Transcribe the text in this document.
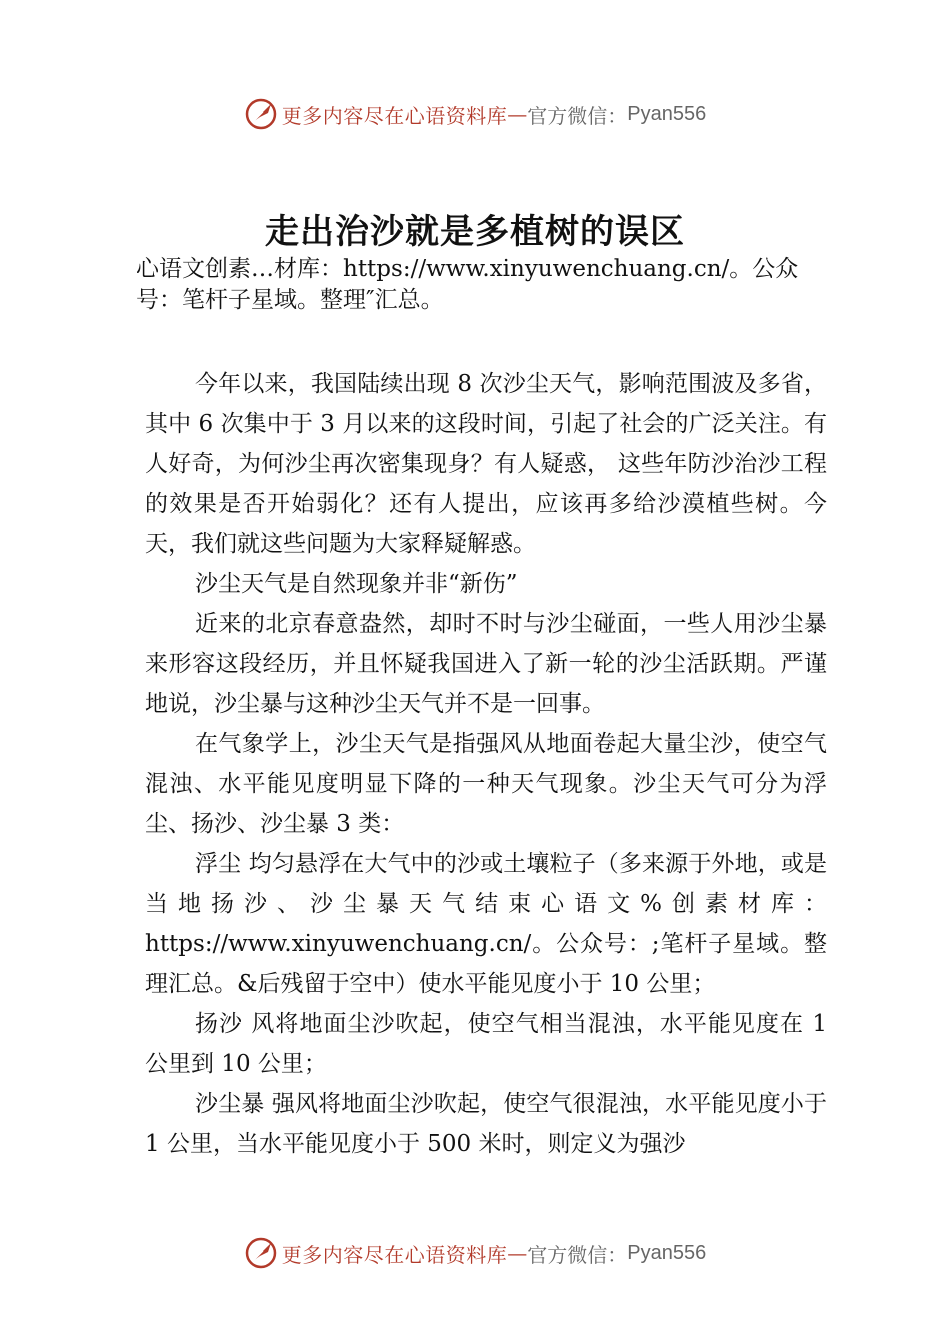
更多内容尽在心语资料库 — 官方微信： Pyan556
走出治沙就是多植树的误区
心语文创素…材库：https://www.xinyuwenchuang.cn/。公众号：笔杆子星域。整理″汇总。

今年以来，我国陆续出现 8 次沙尘天气，影响范围波及多省，其中 6 次集中于 3 月以来的这段时间，引起了社会的广泛关注。有人好奇，为何沙尘再次密集现身？有人疑惑， 这些年防沙治沙工程的效果是否开始弱化？还有人提出，应该再多给沙漠植些树。今天，我们就这些问题为大家释疑解惑。

沙尘天气是自然现象并非“新伤”

近来的北京春意盎然，却时不时与沙尘碰面，一些人用沙尘暴来形容这段经历，并且怀疑我国进入了新一轮的沙尘活跃期。严谨地说，沙尘暴与这种沙尘天气并不是一回事。

在气象学上，沙尘天气是指强风从地面卷起大量尘沙，使空气混浊、水平能见度明显下降的一种天气现象。沙尘天气可分为浮尘、扬沙、沙尘暴 3 类：

浮尘 均匀悬浮在大气中的沙或土壤粒子（多来源于外地，或是当地扬沙、沙尘暴天气结束心语文%创素材库：https://www.xinyuwenchuang.cn/。公众号：;笔杆子星域。整理汇总。&后残留于空中）使水平能见度小于 10 公里；

扬沙 风将地面尘沙吹起，使空气相当混浊，水平能见度在 1 公里到 10 公里；

沙尘暴 强风将地面尘沙吹起，使空气很混浊，水平能见度小于 1 公里，当水平能见度小于 500 米时，则定义为强沙

更多内容尽在心语资料库 — 官方微信： Pyan556
